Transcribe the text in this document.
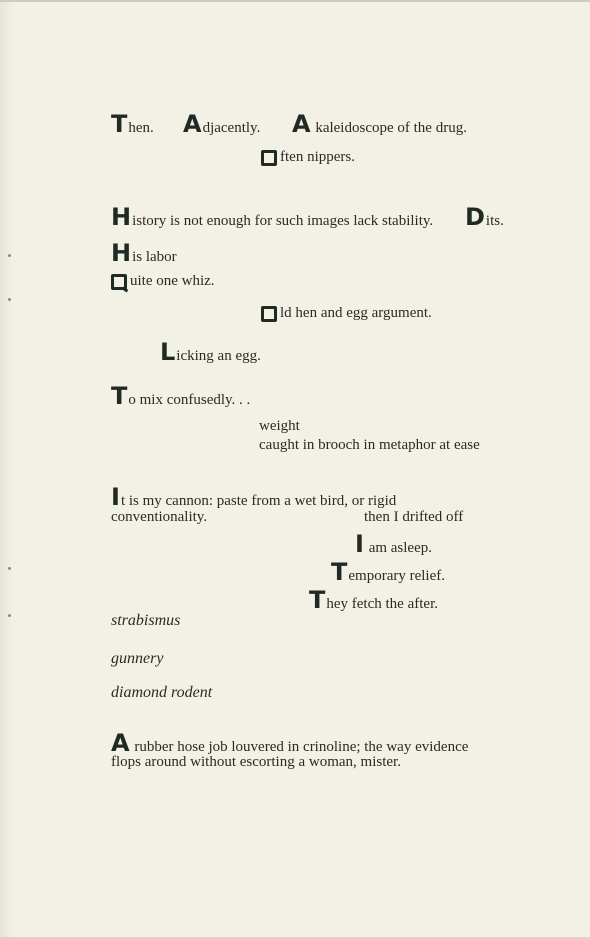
Then. Adjacently. A kaleidoscope of the drug.
ften nippers.
History is not enough for such images lack stability. Dits.
His labor
uite one whiz.
ld hen and egg argument.
Licking an egg.
To mix confusedly. . .
weight
caught in brooch in metaphor at ease
It is my cannon: paste from a wet bird, or rigid
conventionality.	then I drifted off
I am asleep.
Temporary relief.
They fetch the after.
strabismus
gunnery
diamond rodent
A rubber hose job louvered in crinoline; the way evidence
flops around without escorting a woman, mister.
